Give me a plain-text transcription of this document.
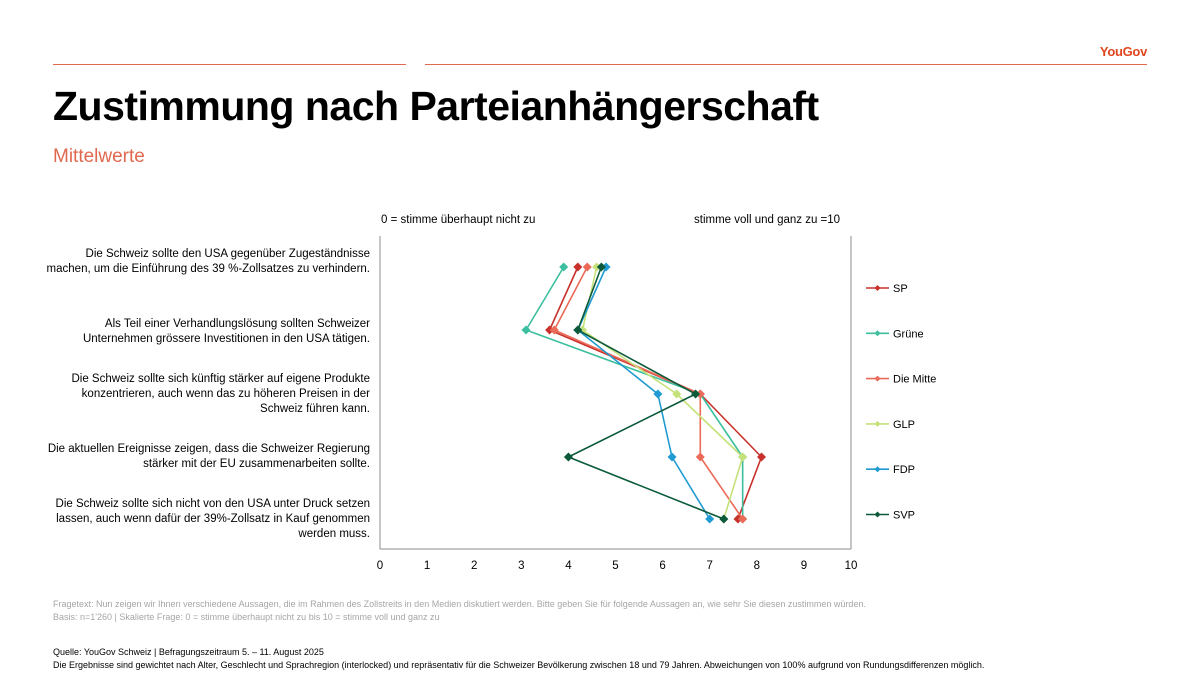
YouGov
Zustimmung nach Parteianhängerschaft
Mittelwerte
0 = stimme überhaupt nicht zu	stimme voll und ganz zu =10
Die Schweiz sollte den USA gegenüber Zugeständnisse machen, um die Einführung des 39 %-Zollsatzes zu verhindern.
Als Teil einer Verhandlungslösung sollten Schweizer Unternehmen grössere Investitionen in den USA tätigen.
Die Schweiz sollte sich künftig stärker auf eigene Produkte konzentrieren, auch wenn das zu höheren Preisen in der Schweiz führen kann.
Die aktuellen Ereignisse zeigen, dass die Schweizer Regierung stärker mit der EU zusammenarbeiten sollte.
Die Schweiz sollte sich nicht von den USA unter Druck setzen lassen, auch wenn dafür der 39%-Zollsatz in Kauf genommen werden muss.
0	1	2	3	4	5	6	7	8	9	10
SP
Grüne
Die Mitte
GLP
FDP
SVP
Fragetext: Nun zeigen wir Ihnen verschiedene Aussagen, die im Rahmen des Zollstreits in den Medien diskutiert werden. Bitte geben Sie für folgende Aussagen an, wie sehr Sie diesen zustimmen würden.
Basis: n=1'260 | Skalierte Frage: 0 = stimme überhaupt nicht zu bis 10 = stimme voll und ganz zu
Quelle: YouGov Schweiz | Befragungszeitraum 5. – 11. August 2025
Die Ergebnisse sind gewichtet nach Alter, Geschlecht und Sprachregion (interlocked) und repräsentativ für die Schweizer Bevölkerung zwischen 18 und 79 Jahren. Abweichungen von 100% aufgrund von Rundungsdifferenzen möglich.
